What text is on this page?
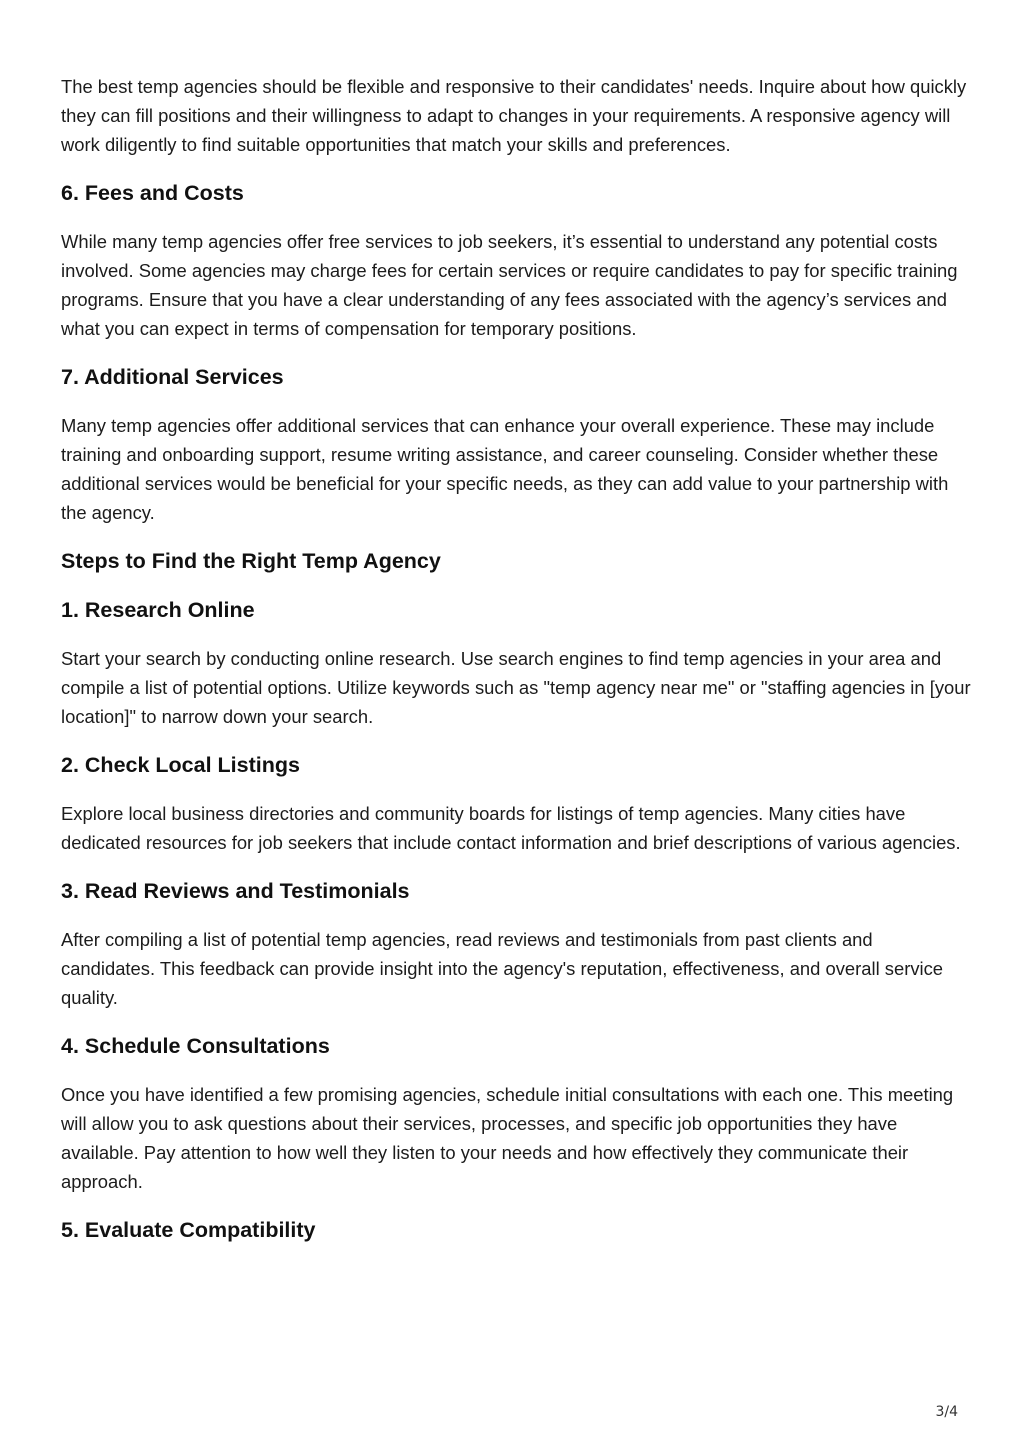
The best temp agencies should be flexible and responsive to their candidates' needs. Inquire about how quickly they can fill positions and their willingness to adapt to changes in your requirements. A responsive agency will work diligently to find suitable opportunities that match your skills and preferences.

6. Fees and Costs

While many temp agencies offer free services to job seekers, it’s essential to understand any potential costs involved. Some agencies may charge fees for certain services or require candidates to pay for specific training programs. Ensure that you have a clear understanding of any fees associated with the agency’s services and what you can expect in terms of compensation for temporary positions.

7. Additional Services

Many temp agencies offer additional services that can enhance your overall experience. These may include training and onboarding support, resume writing assistance, and career counseling. Consider whether these additional services would be beneficial for your specific needs, as they can add value to your partnership with the agency.

Steps to Find the Right Temp Agency
1. Research Online

Start your search by conducting online research. Use search engines to find temp agencies in your area and compile a list of potential options. Utilize keywords such as "temp agency near me" or "staffing agencies in [your location]" to narrow down your search.

2. Check Local Listings

Explore local business directories and community boards for listings of temp agencies. Many cities have dedicated resources for job seekers that include contact information and brief descriptions of various agencies.

3. Read Reviews and Testimonials

After compiling a list of potential temp agencies, read reviews and testimonials from past clients and candidates. This feedback can provide insight into the agency's reputation, effectiveness, and overall service quality.

4. Schedule Consultations

Once you have identified a few promising agencies, schedule initial consultations with each one. This meeting will allow you to ask questions about their services, processes, and specific job opportunities they have available. Pay attention to how well they listen to your needs and how effectively they communicate their approach.

5. Evaluate Compatibility
3/4
